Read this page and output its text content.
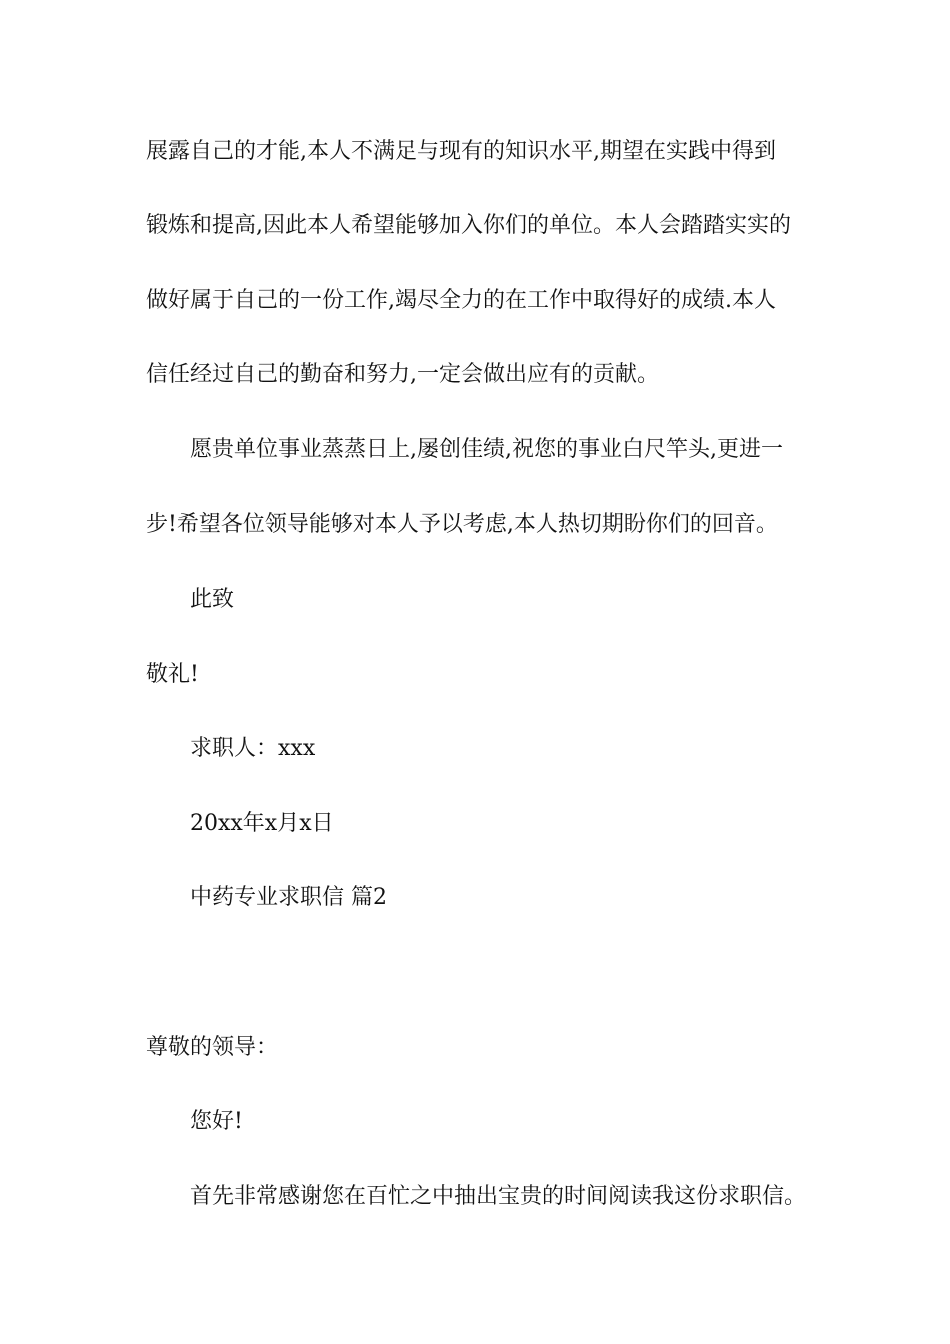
展露自己的才能,本人不满足与现有的知识水平,期望在实践中得到
锻炼和提高,因此本人希望能够加入你们的单位。本人会踏踏实实的
做好属于自己的一份工作,竭尽全力的在工作中取得好的成绩.本人
信任经过自己的勤奋和努力,一定会做出应有的贡献。
愿贵单位事业蒸蒸日上,屡创佳绩,祝您的事业白尺竿头,更进一
步!希望各位领导能够对本人予以考虑,本人热切期盼你们的回音。
此致
敬礼!
求职人：xxx
20xx年x月x日
中药专业求职信 篇2
尊敬的领导：
您好!
首先非常感谢您在百忙之中抽出宝贵的时间阅读我这份求职信。
